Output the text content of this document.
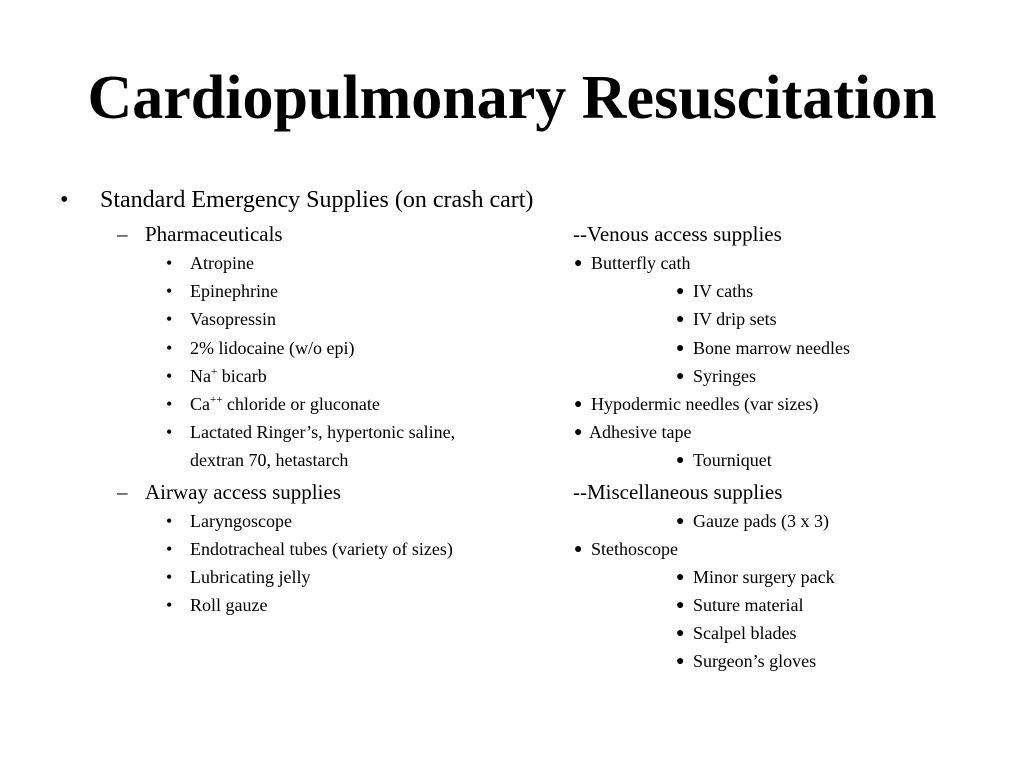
Cardiopulmonary Resuscitation
• Standard Emergency Supplies (on crash cart)
– Pharmaceuticals
• Atropine
• Epinephrine
• Vasopressin
• 2% lidocaine (w/o epi)
• Na+ bicarb
• Ca++ chloride or gluconate
• Lactated Ringer’s, hypertonic saline,
dextran 70, hetastarch
– Airway access supplies
• Laryngoscope
• Endotracheal tubes (variety of sizes)
• Lubricating jelly
• Roll gauze
--Venous access supplies
● Butterfly cath
● IV caths
● IV drip sets
● Bone marrow needles
● Syringes
● Hypodermic needles (var sizes)
● Adhesive tape
● Tourniquet
--Miscellaneous supplies
● Gauze pads (3 x 3)
● Stethoscope
● Minor surgery pack
● Suture material
● Scalpel blades
● Surgeon’s gloves
